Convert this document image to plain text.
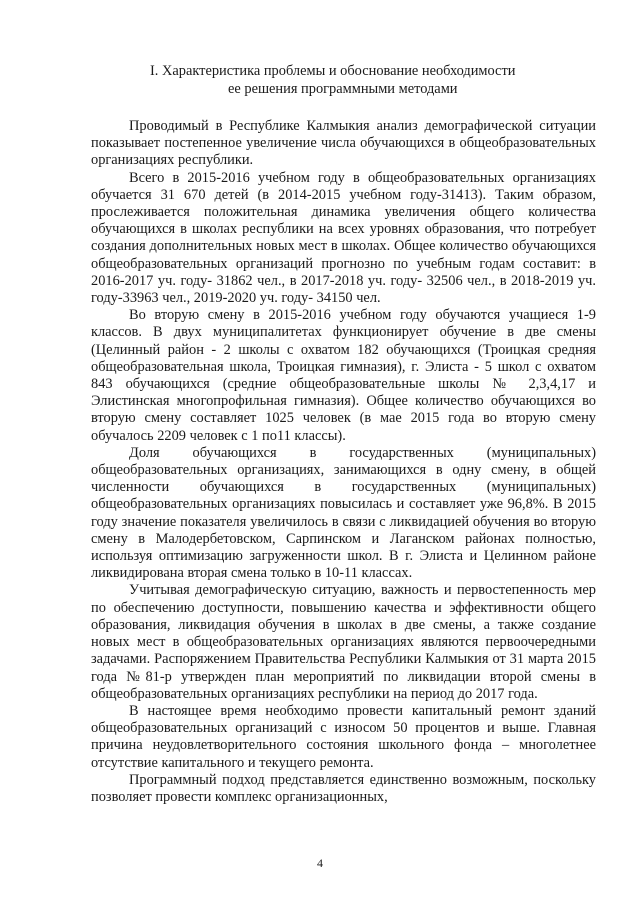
I. Характеристика проблемы и обоснование необходимости
ее решения программными методами

Проводимый в Республике Калмыкия анализ демографической ситуации показывает постепенное увеличение числа обучающихся в общеобразовательных организациях республики.

Всего в 2015-2016 учебном году в общеобразовательных организациях обучается 31 670 детей (в 2014-2015 учебном году-31413). Таким образом, прослеживается положительная динамика увеличения общего количества обучающихся в школах республики на всех уровнях образования, что потребует создания дополнительных новых мест в школах. Общее количество обучающихся общеобразовательных организаций прогнозно по учебным годам составит: в 2016-2017 уч. году- 31862 чел., в 2017-2018 уч. году- 32506 чел., в 2018-2019 уч. году-33963 чел., 2019-2020 уч. году- 34150 чел.

Во вторую смену в 2015-2016 учебном году обучаются учащиеся 1-9 классов. В двух муниципалитетах функционирует обучение в две смены (Целинный район - 2 школы с охватом 182 обучающихся (Троицкая средняя общеобразовательная школа, Троицкая гимназия), г. Элиста - 5 школ с охватом 843 обучающихся (средние общеобразовательные школы № 2,3,4,17 и Элистинская многопрофильная гимназия). Общее количество обучающихся во вторую смену составляет 1025 человек (в мае 2015 года во вторую смену обучалось 2209 человек с 1 по11 классы).

Доля обучающихся в государственных (муниципальных) общеобразовательных организациях, занимающихся в одну смену, в общей численности обучающихся в государственных (муниципальных) общеобразовательных организациях повысилась и составляет уже 96,8%. В 2015 году значение показателя увеличилось в связи с ликвидацией обучения во вторую смену в Малодербетовском, Сарпинском и Лаганском районах полностью, используя оптимизацию загруженности школ. В г. Элиста и Целинном районе ликвидирована вторая смена только в 10-11 классах.

Учитывая демографическую ситуацию, важность и первостепенность мер по обеспечению доступности, повышению качества и эффективности общего образования, ликвидация обучения в школах в две смены, а также создание новых мест в общеобразовательных организациях являются первоочередными задачами. Распоряжением Правительства Республики Калмыкия от 31 марта 2015 года №81-р утвержден план мероприятий по ликвидации второй смены в общеобразовательных организациях республики на период до 2017 года.

В настоящее время необходимо провести капитальный ремонт зданий общеобразовательных организаций с износом 50 процентов и выше. Главная причина неудовлетворительного состояния школьного фонда – многолетнее отсутствие капитального и текущего ремонта.

Программный подход представляется единственно возможным, поскольку позволяет провести комплекс организационных,

4
